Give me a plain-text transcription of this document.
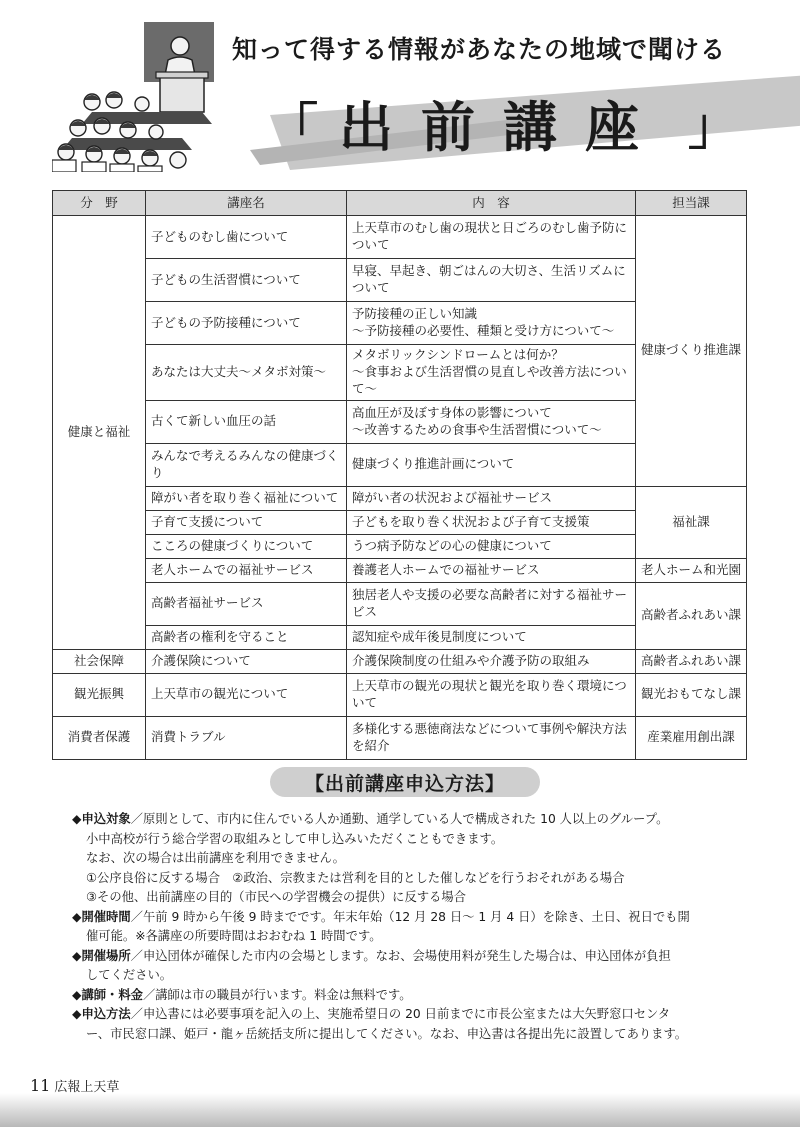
知って得する情報があなたの地域で聞ける
「 出前講座 」
分　野	講座名	内　容	担当課
健康と福祉	子どものむし歯について	上天草市のむし歯の現状と日ごろのむし歯予防について	健康づくり推進課
	子どもの生活習慣について	早寝、早起き、朝ごはんの大切さ、生活リズムについて	
	子どもの予防接種について	予防接種の正しい知識
～予防接種の必要性、種類と受け方について～	
	あなたは大丈夫～メタボ対策～	メタボリックシンドロームとは何か？
～食事および生活習慣の見直しや改善方法について～	
	古くて新しい血圧の話	高血圧が及ぼす身体の影響について
～改善するための食事や生活習慣について～	
	みんなで考えるみんなの健康づくり	健康づくり推進計画について	
	障がい者を取り巻く福祉について	障がい者の状況および福祉サービス	福祉課
	子育て支援について	子どもを取り巻く状況および子育て支援策	
	こころの健康づくりについて	うつ病予防などの心の健康について	
	老人ホームでの福祉サービス	養護老人ホームでの福祉サービス	老人ホーム和光園
	高齢者福祉サービス	独居老人や支援の必要な高齢者に対する福祉サービス	高齢者ふれあい課
	高齢者の権利を守ること	認知症や成年後見制度について	
社会保障	介護保険について	介護保険制度の仕組みや介護予防の取組み	高齢者ふれあい課
観光振興	上天草市の観光について	上天草市の観光の現状と観光を取り巻く環境について	観光おもてなし課
消費者保護	消費トラブル	多様化する悪徳商法などについて事例や解決方法を紹介	産業雇用創出課
【出前講座申込方法】

◆申込対象／原則として、市内に住んでいる人か通勤、通学している人で構成された 10 人以上のグループ。

小中高校が行う総合学習の取組みとして申し込みいただくこともできます。

なお、次の場合は出前講座を利用できません。

①公序良俗に反する場合　②政治、宗教または営利を目的とした催しなどを行うおそれがある場合

③その他、出前講座の目的（市民への学習機会の提供）に反する場合

◆開催時間／午前 9 時から午後 9 時までです。年末年始（12 月 28 日～ 1 月 4 日）を除き、土日、祝日でも開

催可能。※各講座の所要時間はおおむね 1 時間です。

◆開催場所／申込団体が確保した市内の会場とします。なお、会場使用料が発生した場合は、申込団体が負担

してください。

◆講師・料金／講師は市の職員が行います。料金は無料です。

◆申込方法／申込書には必要事項を記入の上、実施希望日の 20 日前までに市長公室または大矢野窓口センタ

ー、市民窓口課、姫戸・龍ヶ岳統括支所に提出してください。なお、申込書は各提出先に設置してあります。

11 広報上天草
